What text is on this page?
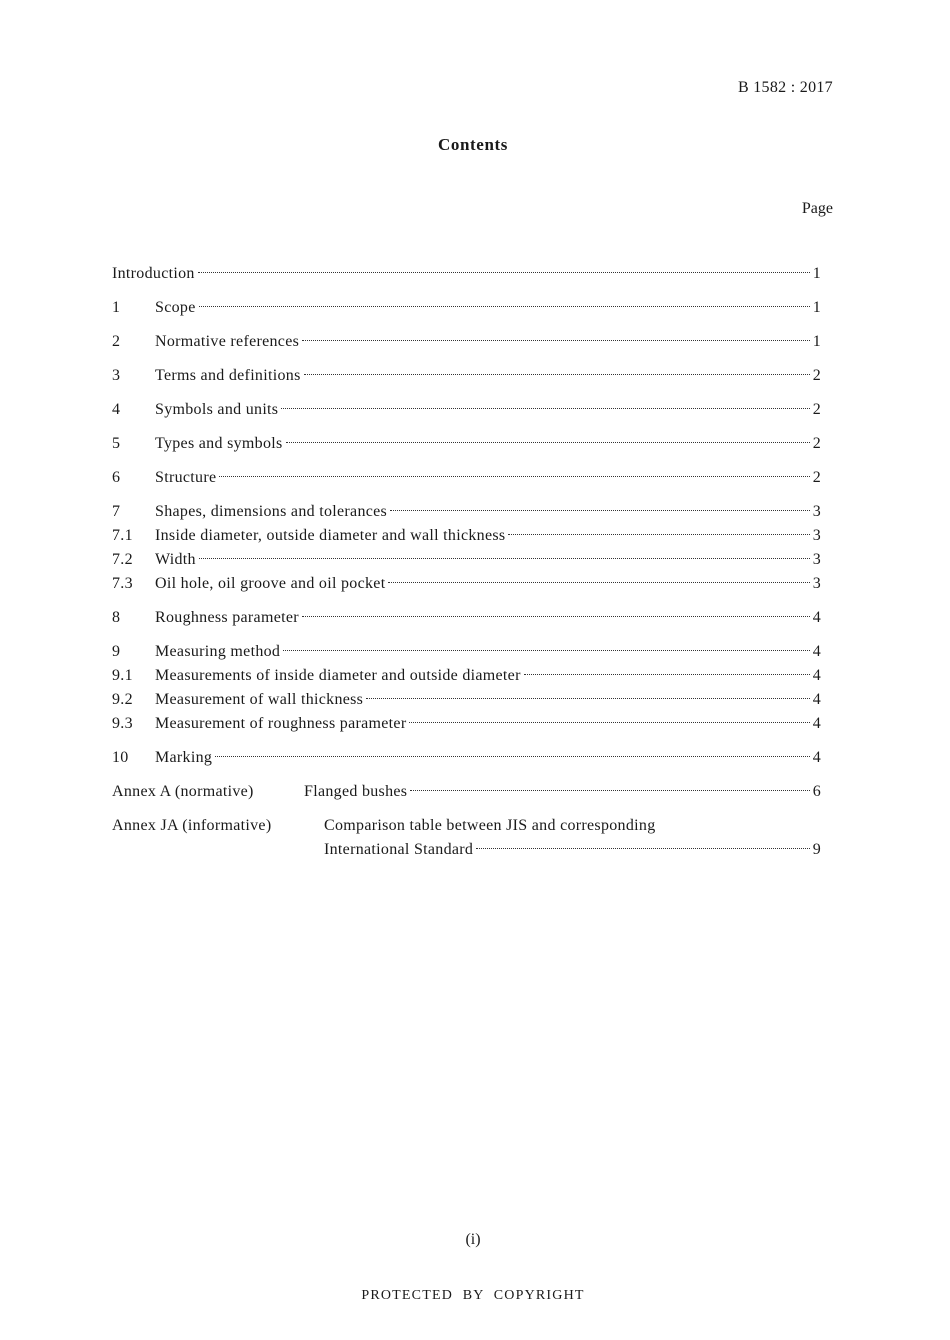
B 1582 : 2017
Contents
Page
Introduction	1
1	Scope	1
2	Normative references	1
3	Terms and definitions	2
4	Symbols and units	2
5	Types and symbols	2
6	Structure	2
7	Shapes, dimensions and tolerances	3
7.1	Inside diameter, outside diameter and wall thickness	3
7.2	Width	3
7.3	Oil hole, oil groove and oil pocket	3
8	Roughness parameter	4
9	Measuring method	4
9.1	Measurements of inside diameter and outside diameter	4
9.2	Measurement of wall thickness	4
9.3	Measurement of roughness parameter	4
10	Marking	4
Annex A (normative)	Flanged bushes	6
Annex JA (informative)	Comparison table between JIS and corresponding
International Standard	9
(i)
PROTECTED BY COPYRIGHT
